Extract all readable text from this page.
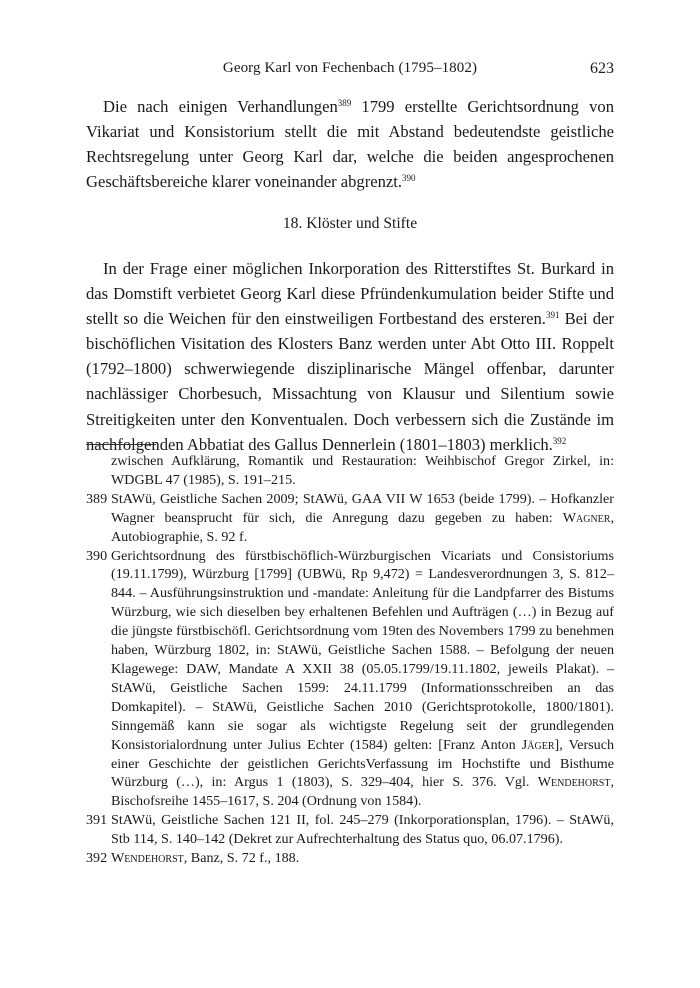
Georg Karl von Fechenbach (1795–1802)	623

Die nach einigen Verhandlungen$^{389}$ 1799 erstellte Gerichtsordnung von Vikariat und Konsistorium stellt die mit Abstand bedeutendste geistliche Rechtsregelung unter Georg Karl dar, welche die beiden angesprochenen Geschäftsbereiche klarer voneinander abgrenzt.$^{390}$

18. Klöster und Stifte

In der Frage einer möglichen Inkorporation des Ritterstiftes St. Burkard in das Domstift verbietet Georg Karl diese Pfründenkumulation beider Stifte und stellt so die Weichen für den einstweiligen Fortbestand des ersteren.$^{391}$ Bei der bischöflichen Visitation des Klosters Banz werden unter Abt Otto III. Roppelt (1792–1800) schwerwiegende disziplinarische Mängel offenbar, darunter nachlässiger Chorbesuch, Missachtung von Klausur und Silentium sowie Streitigkeiten unter den Konventualen. Doch verbessern sich die Zustände im nachfolgenden Abbatiat des Gallus Dennerlein (1801–1803) merklich.$^{392}$

zwischen Aufklärung, Romantik und Restauration: Weihbischof Gregor Zirkel, in: WDGBL 47 (1985), S. 191–215.
389 StAWü, Geistliche Sachen 2009; StAWü, GAA VII W 1653 (beide 1799). – Hofkanzler Wagner beansprucht für sich, die Anregung dazu gegeben zu haben: Wagner, Autobiographie, S. 92 f.
390 Gerichtsordnung des fürstbischöflich-Würzburgischen Vicariats und Consistoriums (19.11.1799), Würzburg [1799] (UBWü, Rp 9,472) = Landesverordnungen 3, S. 812–844. – Ausführungsinstruktion und -mandate: Anleitung für die Landpfarrer des Bistums Würzburg, wie sich dieselben bey erhaltenen Befehlen und Aufträgen (…) in Bezug auf die jüngste fürstbischöfl. Gerichtsordnung vom 19ten des Novembers 1799 zu benehmen haben, Würzburg 1802, in: StAWü, Geistliche Sachen 1588. – Befolgung der neuen Klagewege: DAW, Mandate A XXII 38 (05.05.1799/19.11.1802, jeweils Plakat). – StAWü, Geistliche Sachen 1599: 24.11.1799 (Informationsschreiben an das Domkapitel). – StAWü, Geistliche Sachen 2010 (Gerichtsprotokolle, 1800/1801). Sinngemäß kann sie sogar als wichtigste Regelung seit der grundlegenden Konsistorialordnung unter Julius Echter (1584) gelten: [Franz Anton Jäger], Versuch einer Geschichte der geistlichen GerichtsVerfassung im Hochstifte und Bisthume Würzburg (…), in: Argus 1 (1803), S. 329–404, hier S. 376. Vgl. Wendehorst, Bischofsreihe 1455–1617, S. 204 (Ordnung von 1584).
391 StAWü, Geistliche Sachen 121 II, fol. 245–279 (Inkorporationsplan, 1796). – StAWü, Stb 114, S. 140–142 (Dekret zur Aufrechterhaltung des Status quo, 06.07.1796).
392 Wendehorst, Banz, S. 72 f., 188.
